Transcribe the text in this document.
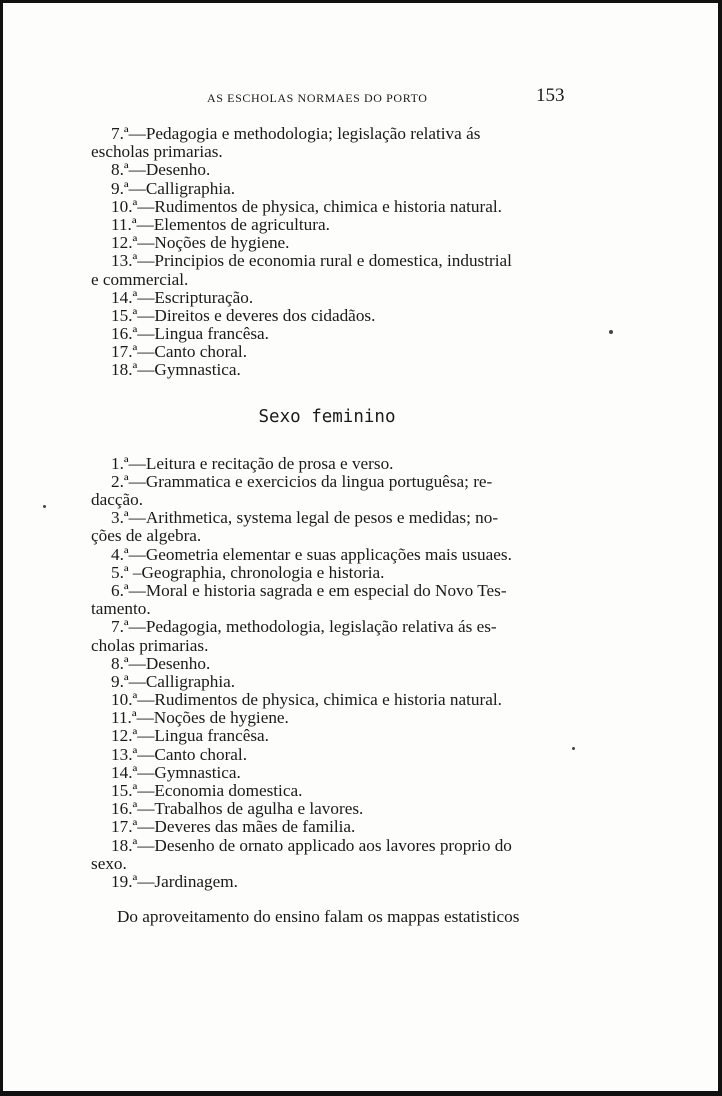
AS ESCHOLAS NORMAES DO PORTO	153
7.ª—Pedagogia e methodologia; legislação relativa ás
escholas primarias.
8.ª—Desenho.
9.ª—Calligraphia.
10.ª—Rudimentos de physica, chimica e historia natural.
11.ª—Elementos de agricultura.
12.ª—Noções de hygiene.
13.ª—Principios de economia rural e domestica, industrial
e commercial.
14.ª—Escripturação.
15.ª—Direitos e deveres dos cidadãos.
16.ª—Lingua francêsa.
17.ª—Canto choral.
18.ª—Gymnastica.
Sexo feminino
1.ª—Leitura e recitação de prosa e verso.
2.ª—Grammatica e exercicios da lingua portuguêsa; re-
dacção.
3.ª—Arithmetica, systema legal de pesos e medidas; no-
ções de algebra.
4.ª—Geometria elementar e suas applicações mais usuaes.
5.ª –Geographia, chronologia e historia.
6.ª—Moral e historia sagrada e em especial do Novo Tes-
tamento.
7.ª—Pedagogia, methodologia, legislação relativa ás es-
cholas primarias.
8.ª—Desenho.
9.ª—Calligraphia.
10.ª—Rudimentos de physica, chimica e historia natural.
11.ª—Noções de hygiene.
12.ª—Lingua francêsa.
13.ª—Canto choral.
14.ª—Gymnastica.
15.ª—Economia domestica.
16.ª—Trabalhos de agulha e lavores.
17.ª—Deveres das mães de familia.
18.ª—Desenho de ornato applicado aos lavores proprio do
sexo.
19.ª—Jardinagem.
Do aproveitamento do ensino falam os mappas estatisticos
